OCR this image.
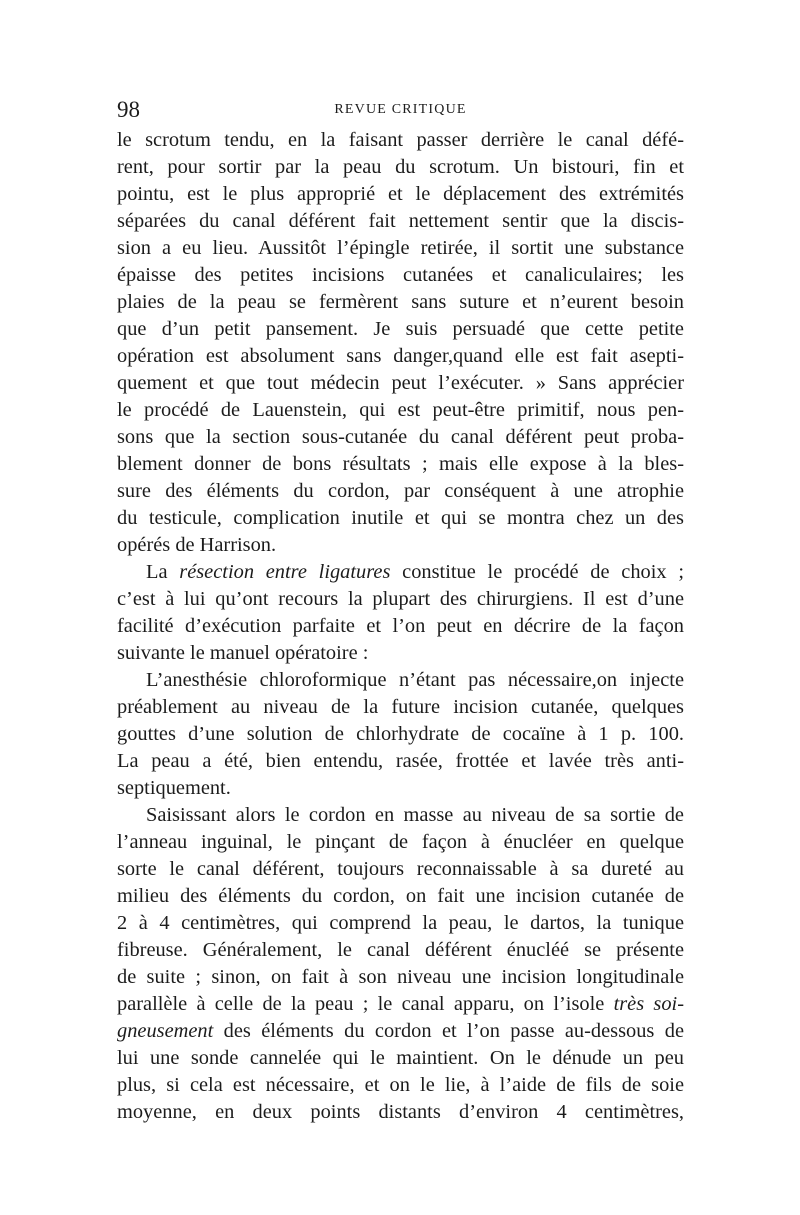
98	REVUE CRITIQUE
le scrotum tendu, en la faisant passer derrière le canal défé-
rent, pour sortir par la peau du scrotum. Un bistouri, fin et
pointu, est le plus approprié et le déplacement des extrémités
séparées du canal déférent fait nettement sentir que la discis-
sion a eu lieu. Aussitôt l’épingle retirée, il sortit une substance
épaisse des petites incisions cutanées et canaliculaires; les
plaies de la peau se fermèrent sans suture et n’eurent besoin
que d’un petit pansement. Je suis persuadé que cette petite
opération est absolument sans danger,quand elle est fait asepti-
quement et que tout médecin peut l’exécuter. » Sans apprécier
le procédé de Lauenstein, qui est peut-être primitif, nous pen-
sons que la section sous-cutanée du canal déférent peut proba-
blement donner de bons résultats ; mais elle expose à la bles-
sure des éléments du cordon, par conséquent à une atrophie
du testicule, complication inutile et qui se montra chez un des
opérés de Harrison.
La résection entre ligatures constitue le procédé de choix ;
c’est à lui qu’ont recours la plupart des chirurgiens. Il est d’une
facilité d’exécution parfaite et l’on peut en décrire de la façon
suivante le manuel opératoire :
L’anesthésie chloroformique n’étant pas nécessaire,on injecte
préablement au niveau de la future incision cutanée, quelques
gouttes d’une solution de chlorhydrate de cocaïne à 1 p. 100.
La peau a été, bien entendu, rasée, frottée et lavée très anti-
septiquement.
Saisissant alors le cordon en masse au niveau de sa sortie de
l’anneau inguinal, le pinçant de façon à énucléer en quelque
sorte le canal déférent, toujours reconnaissable à sa dureté au
milieu des éléments du cordon, on fait une incision cutanée de
2 à 4 centimètres, qui comprend la peau, le dartos, la tunique
fibreuse. Généralement, le canal déférent énucléé se présente
de suite ; sinon, on fait à son niveau une incision longitudinale
parallèle à celle de la peau ; le canal apparu, on l’isole très soi-
gneusement des éléments du cordon et l’on passe au-dessous de
lui une sonde cannelée qui le maintient. On le dénude un peu
plus, si cela est nécessaire, et on le lie, à l’aide de fils de soie
moyenne, en deux points distants d’environ 4 centimètres,
